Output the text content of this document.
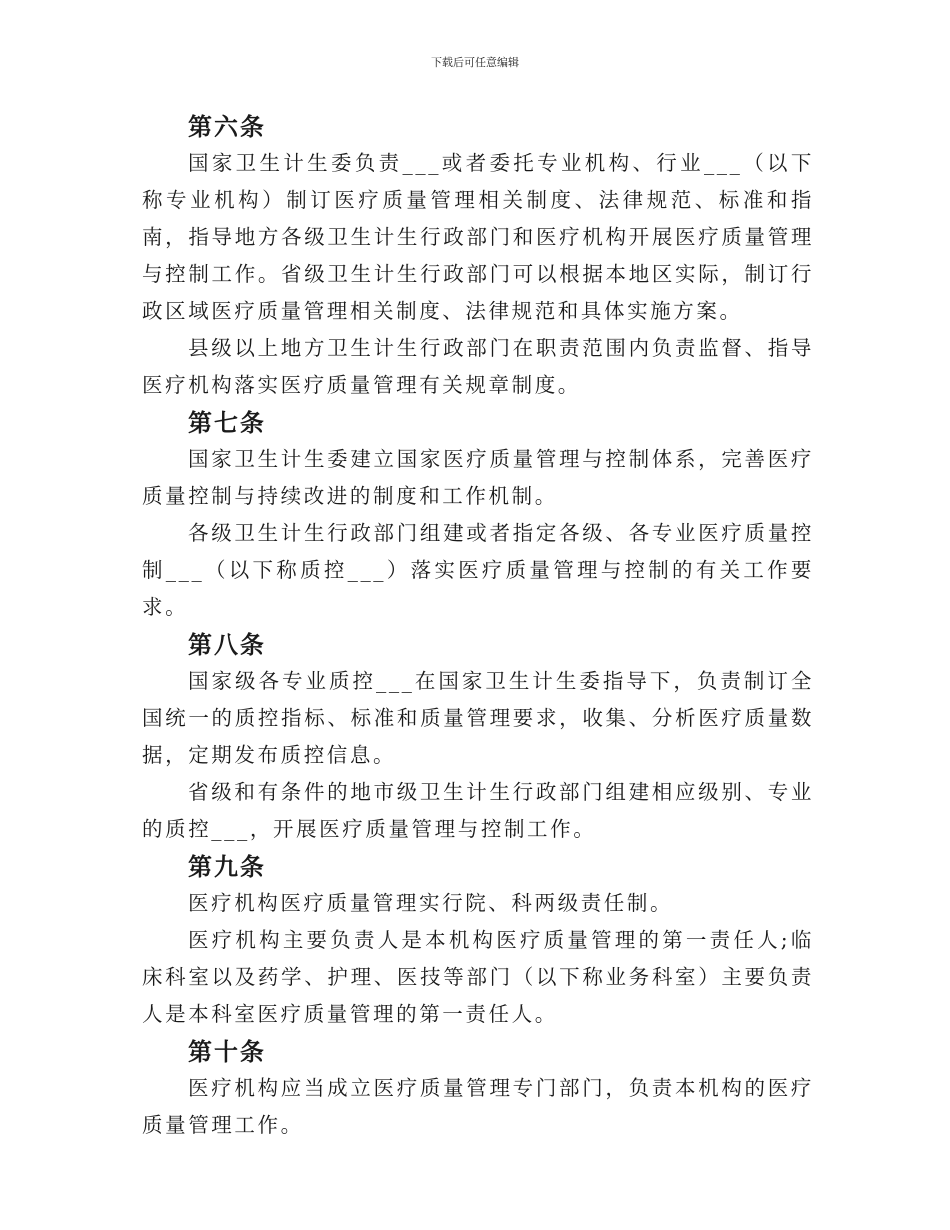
下载后可任意编辑
第六条

国家卫生计生委负责___或者委托专业机构、行业___（以下称专业机构）制订医疗质量管理相关制度、法律规范、标准和指南，指导地方各级卫生计生行政部门和医疗机构开展医疗质量管理与控制工作。省级卫生计生行政部门可以根据本地区实际，制订行政区域医疗质量管理相关制度、法律规范和具体实施方案。

县级以上地方卫生计生行政部门在职责范围内负责监督、指导医疗机构落实医疗质量管理有关规章制度。

第七条

国家卫生计生委建立国家医疗质量管理与控制体系，完善医疗质量控制与持续改进的制度和工作机制。

各级卫生计生行政部门组建或者指定各级、各专业医疗质量控制___（以下称质控___）落实医疗质量管理与控制的有关工作要求。

第八条

国家级各专业质控___在国家卫生计生委指导下，负责制订全国统一的质控指标、标准和质量管理要求，收集、分析医疗质量数据，定期发布质控信息。

省级和有条件的地市级卫生计生行政部门组建相应级别、专业的质控___，开展医疗质量管理与控制工作。

第九条

医疗机构医疗质量管理实行院、科两级责任制。

医疗机构主要负责人是本机构医疗质量管理的第一责任人;临床科室以及药学、护理、医技等部门（以下称业务科室）主要负责人是本科室医疗质量管理的第一责任人。

第十条

医疗机构应当成立医疗质量管理专门部门，负责本机构的医疗质量管理工作。
